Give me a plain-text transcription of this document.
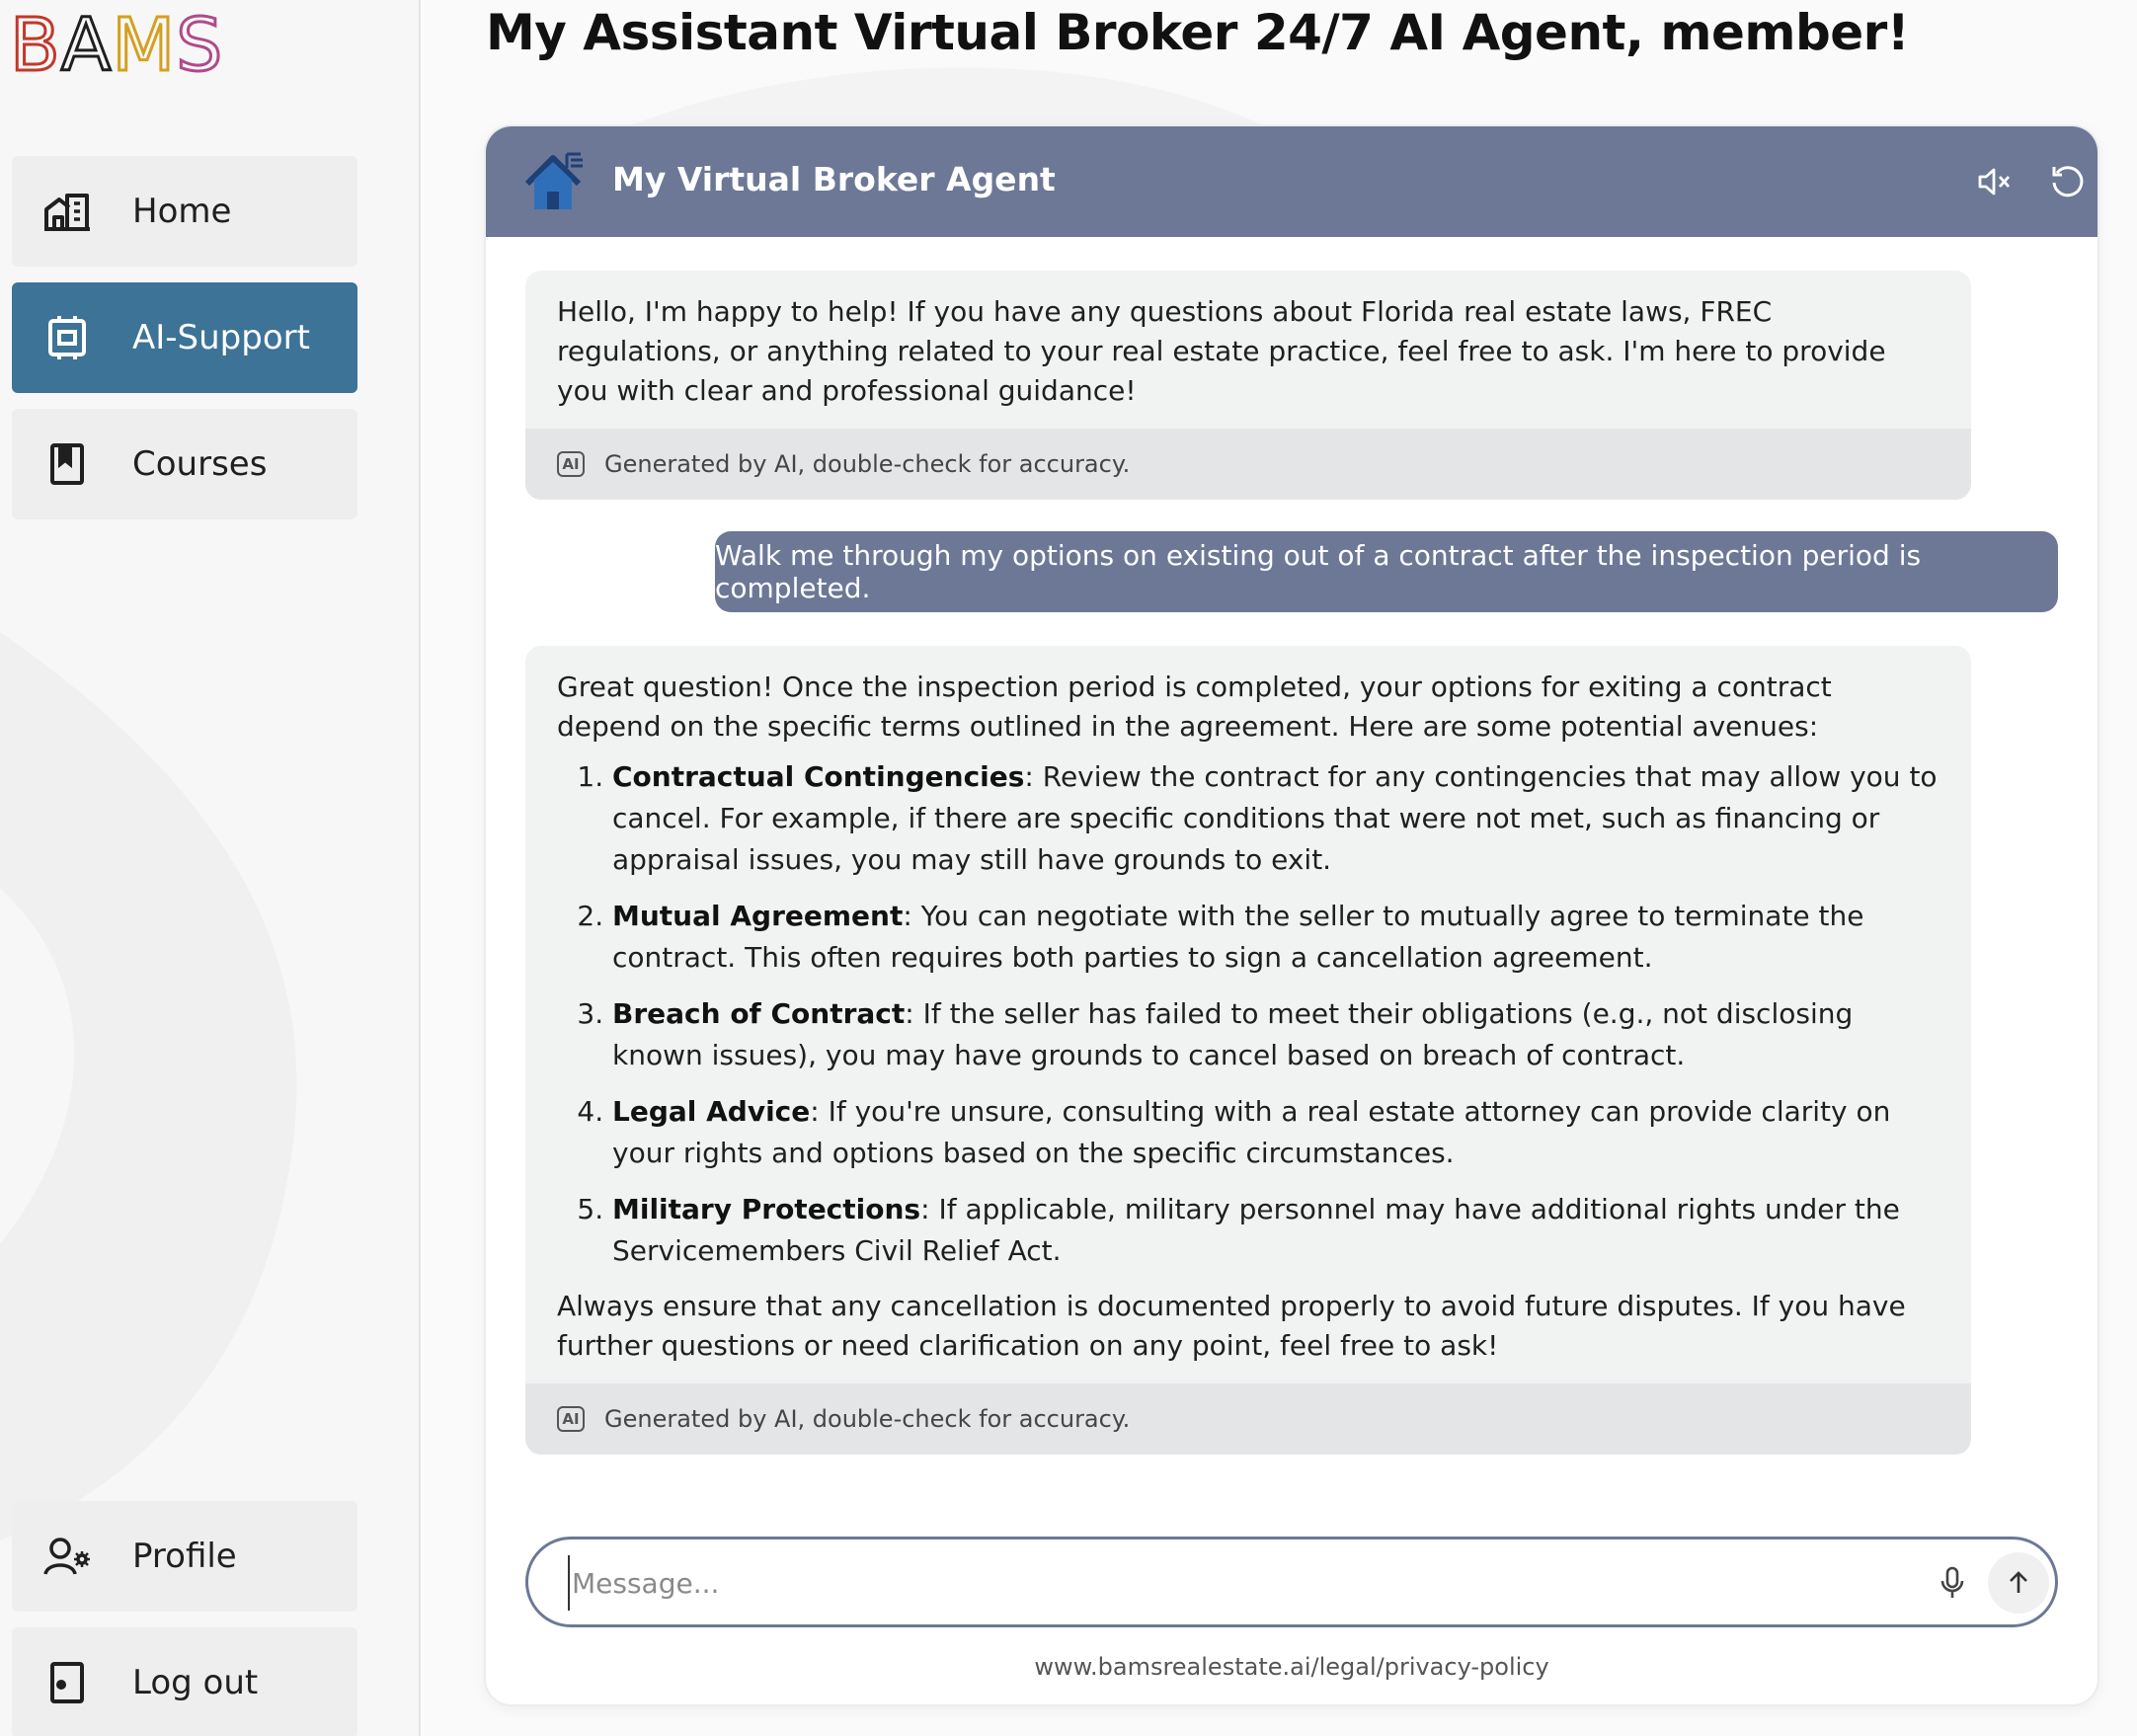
BAMS
Home
AI-Support
Courses
Profile
Log out
My Assistant Virtual Broker 24/7 AI Agent, member!
My Virtual Broker Agent
Hello, I'm happy to help! If you have any questions about Florida real estate laws, FREC regulations, or anything related to your real estate practice, feel free to ask. I'm here to provide you with clear and professional guidance!
AI Generated by AI, double-check for accuracy.
Walk me through my options on existing out of a contract after the inspection period is completed.

Great question! Once the inspection period is completed, your options for exiting a contract depend on the specific terms outlined in the agreement. Here are some potential avenues:

1. Contractual Contingencies: Review the contract for any contingencies that may allow you to cancel. For example, if there are specific conditions that were not met, such as financing or appraisal issues, you may still have grounds to exit.
2. Mutual Agreement: You can negotiate with the seller to mutually agree to terminate the contract. This often requires both parties to sign a cancellation agreement.
3. Breach of Contract: If the seller has failed to meet their obligations (e.g., not disclosing known issues), you may have grounds to cancel based on breach of contract.
4. Legal Advice: If you're unsure, consulting with a real estate attorney can provide clarity on your rights and options based on the specific circumstances.
5. Military Protections: If applicable, military personnel may have additional rights under the Servicemembers Civil Relief Act.

Always ensure that any cancellation is documented properly to avoid future disputes. If you have further questions or need clarification on any point, feel free to ask!

AI Generated by AI, double-check for accuracy.
Message...
www.bamsrealestate.ai/legal/privacy-policy
